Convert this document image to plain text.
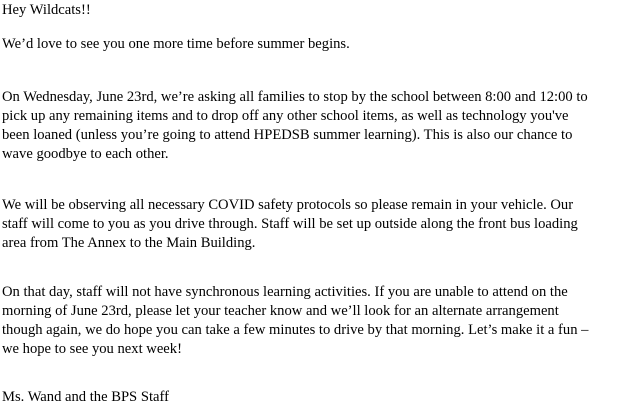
Hey Wildcats!!

We’d love to see you one more time before summer begins.

On Wednesday, June 23rd, we’re asking all families to stop by the school between 8:00 and 12:00 to

pick up any remaining items and to drop off any other school items, as well as technology you've

been loaned (unless you’re going to attend HPEDSB summer learning). This is also our chance to

wave goodbye to each other.

We will be observing all necessary COVID safety protocols so please remain in your vehicle. Our

staff will come to you as you drive through. Staff will be set up outside along the front bus loading

area from The Annex to the Main Building.

On that day, staff will not have synchronous learning activities. If you are unable to attend on the

morning of June 23rd, please let your teacher know and we’ll look for an alternate arrangement

though again, we do hope you can take a few minutes to drive by that morning. Let’s make it a fun –

we hope to see you next week!

Ms. Wand and the BPS Staff
